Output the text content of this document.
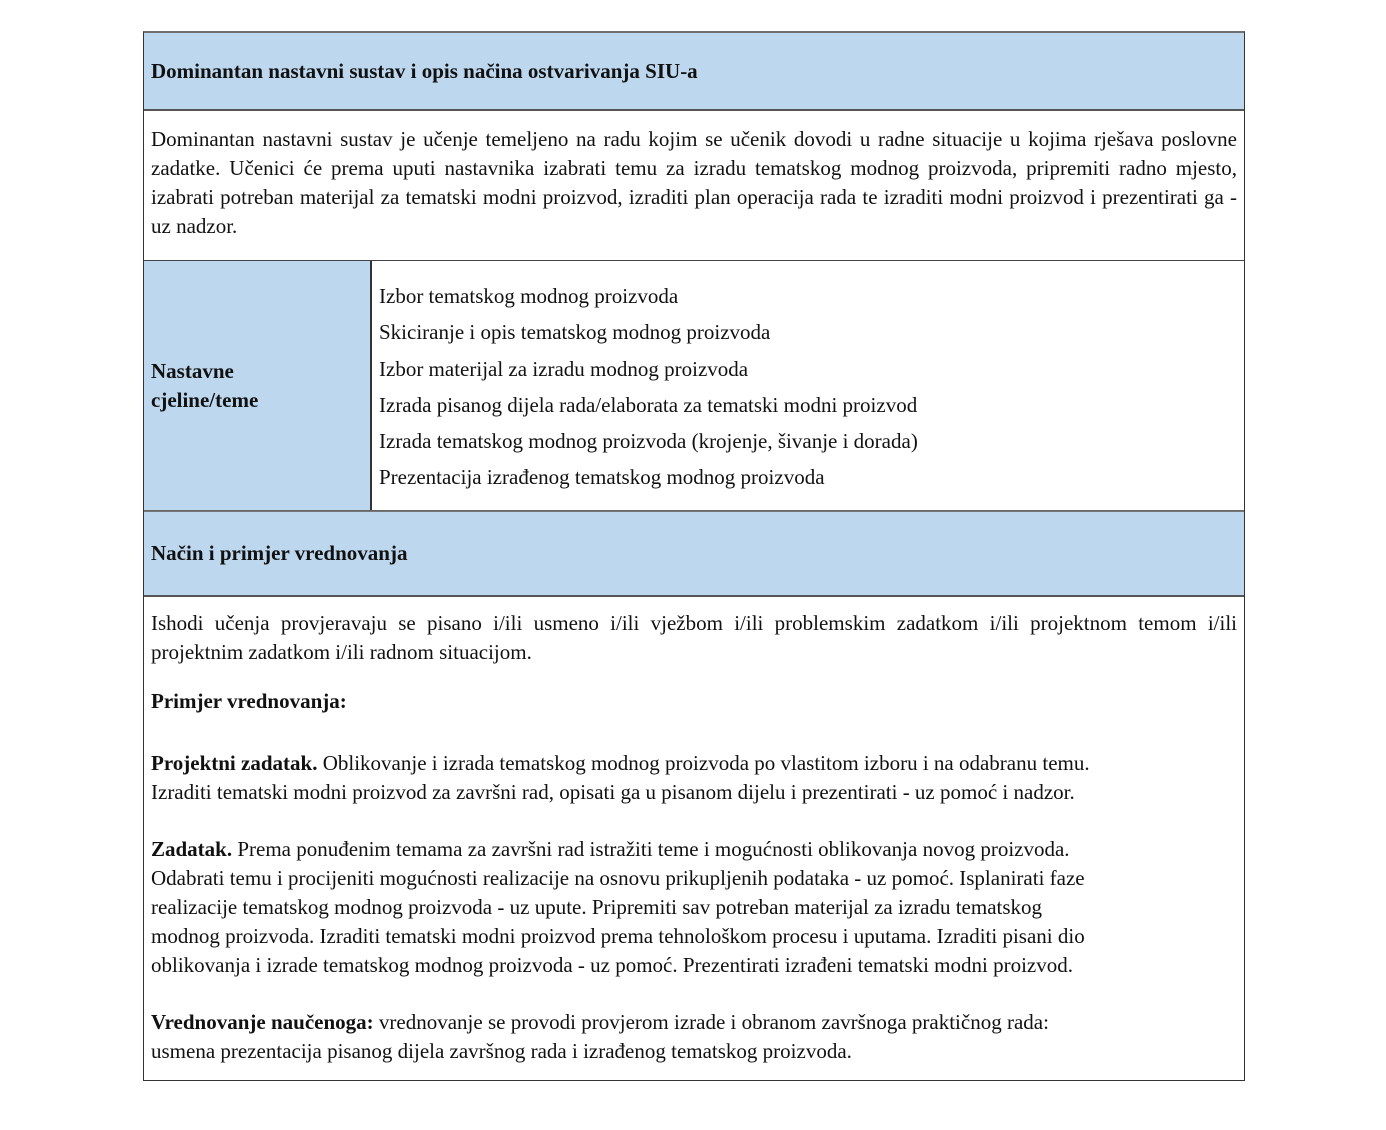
Dominantan nastavni sustav i opis načina ostvarivanja SIU-a
Dominantan nastavni sustav je učenje temeljeno na radu kojim se učenik dovodi u radne situacije u kojima rješava poslovne zadatke. Učenici će prema uputi nastavnika izabrati temu za izradu tematskog modnog proizvoda, pripremiti radno mjesto, izabrati potreban materijal za tematski modni proizvod, izraditi plan operacija rada te izraditi modni proizvod i prezentirati ga - uz nadzor.
Nastavne
cjeline/teme
Izbor tematskog modnog proizvoda
Skiciranje i opis tematskog modnog proizvoda
Izbor materijal za izradu modnog proizvoda
Izrada pisanog dijela rada/elaborata za tematski modni proizvod
Izrada tematskog modnog proizvoda (krojenje, šivanje i dorada)
Prezentacija izrađenog tematskog modnog proizvoda
Način i primjer vrednovanja

Ishodi učenja provjeravaju se pisano i/ili usmeno i/ili vježbom i/ili problemskim zadatkom i/ili projektnom temom i/ili projektnim zadatkom i/ili radnom situacijom.

Primjer vrednovanja:

Projektni zadatak. Oblikovanje i izrada tematskog modnog proizvoda po vlastitom izboru i na odabranu temu.
Izraditi tematski modni proizvod za završni rad, opisati ga u pisanom dijelu i prezentirati - uz pomoć i nadzor.

Zadatak. Prema ponuđenim temama za završni rad istražiti teme i mogućnosti oblikovanja novog proizvoda.
Odabrati temu i procijeniti mogućnosti realizacije na osnovu prikupljenih podataka - uz pomoć. Isplanirati faze
realizacije tematskog modnog proizvoda - uz upute. Pripremiti sav potreban materijal za izradu tematskog
modnog proizvoda. Izraditi tematski modni proizvod prema tehnološkom procesu i uputama. Izraditi pisani dio
oblikovanja i izrade tematskog modnog proizvoda - uz pomoć. Prezentirati izrađeni tematski modni proizvod.

Vrednovanje naučenoga: vrednovanje se provodi provjerom izrade i obranom završnoga praktičnog rada:
usmena prezentacija pisanog dijela završnog rada i izrađenog tematskog proizvoda.
